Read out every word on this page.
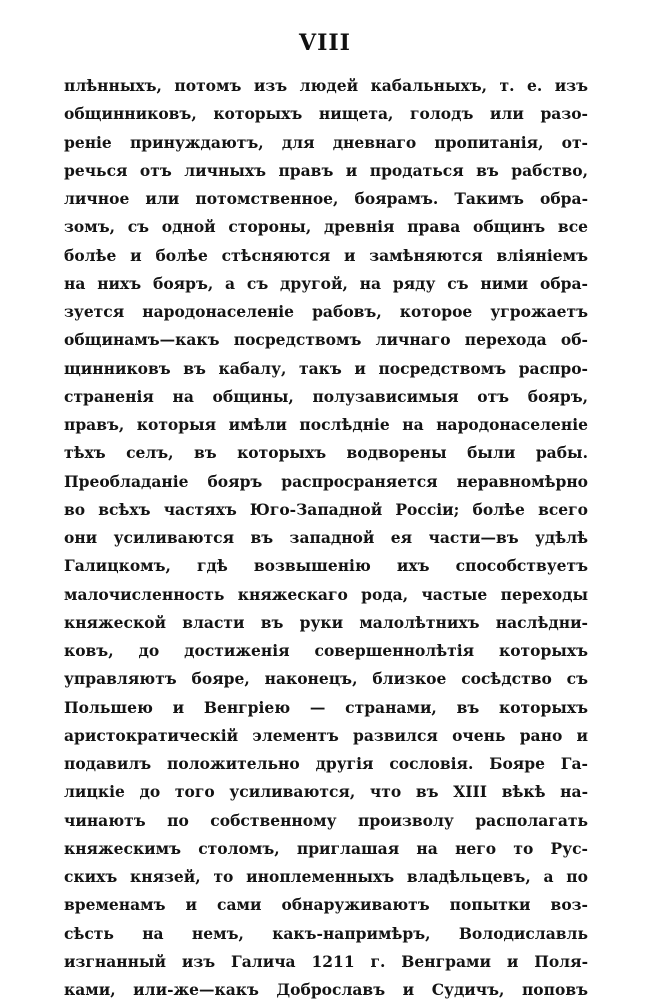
VIII
плѣнныхъ, потомъ изъ людей кабальныхъ, т. е. изъ
общинниковъ, которыхъ нищета, голодъ или разо-
реніе принуждаютъ, для дневнаго пропитанія, от-
речься отъ личныхъ правъ и продаться въ рабство,
личное или потомственное, боярамъ. Такимъ обра-
зомъ, съ одной стороны, древнія права общинъ все
болѣе и болѣе стѣсняются и замѣняются вліяніемъ
на нихъ бояръ, а съ другой, на ряду съ ними обра-
зуется народонаселеніе рабовъ, которое угрожаетъ
общинамъ—какъ посредствомъ личнаго перехода об-
щинниковъ въ кабалу, такъ и посредствомъ распро-
страненія на общины, полузависимыя отъ бояръ,
правъ, которыя имѣли послѣдніе на народонаселеніе
тѣхъ селъ, въ которыхъ водворены были рабы.
Преобладаніе бояръ распросраняется неравномѣрно
во всѣхъ частяхъ Юго-Западной Россіи; болѣе всего
они усиливаются въ западной ея части—въ удѣлѣ
Галицкомъ, гдѣ возвышенію ихъ способствуетъ
малочисленность княжескаго рода, частые переходы
княжеской власти въ руки малолѣтнихъ наслѣдни-
ковъ, до достиженія совершеннолѣтія которыхъ
управляютъ бояре, наконецъ, близкое сосѣдство съ
Польшею и Венгріею — странами, въ которыхъ
аристократическій элементъ развился очень рано и
подавилъ положительно другія сословія. Бояре Га-
лицкіе до того усиливаются, что въ XIII вѣкѣ на-
чинаютъ по собственному произволу располагать
княжескимъ столомъ, приглашая на него то Рус-
скихъ князей, то иноплеменныхъ владѣльцевъ, а по
временамъ и сами обнаруживаютъ попытки воз-
сѣсть на немъ, какъ-напримѣръ, Володиславль
изгнанный изъ Галича 1211 г. Венграми и Поля-
ками, или-же—какъ Доброславъ и Судичъ, поповъ
